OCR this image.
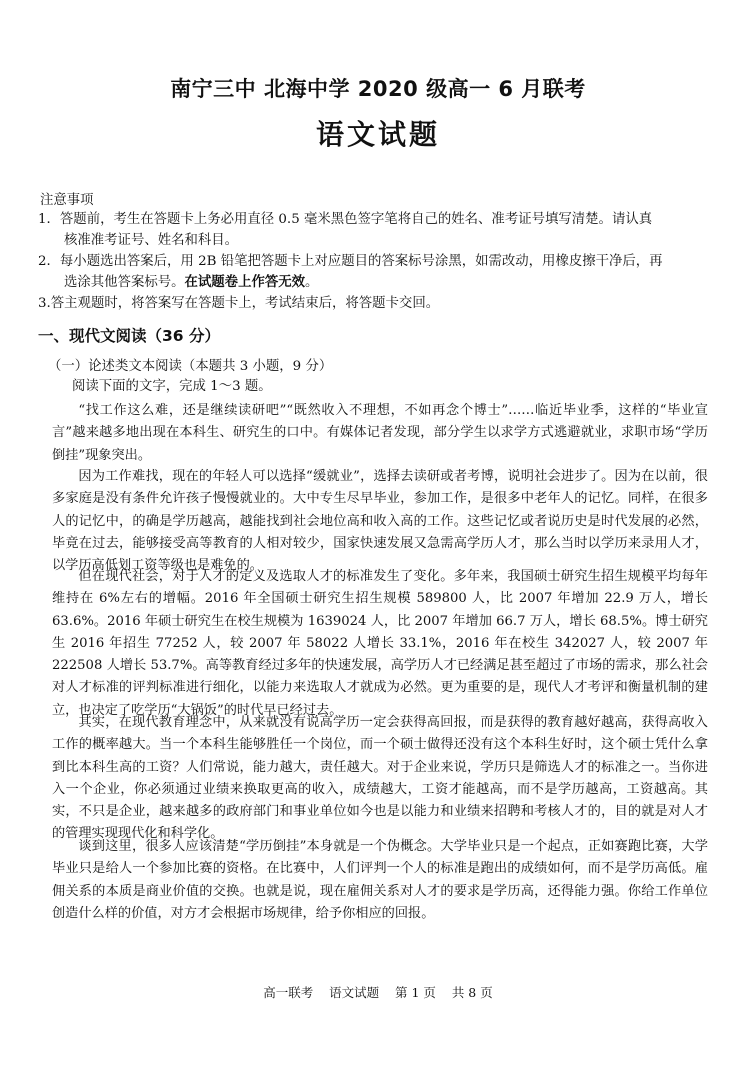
南宁三中 北海中学 2020 级高一 6 月联考
语文试题
注意事项
1．答题前，考生在答题卡上务必用直径 0.5 毫米黑色签字笔将自己的姓名、准考证号填写清楚。请认真
核准准考证号、姓名和科目。
2．每小题选出答案后，用 2B 铅笔把答题卡上对应题目的答案标号涂黑，如需改动，用橡皮擦干净后，再
选涂其他答案标号。在试题卷上作答无效。
3.答主观题时，将答案写在答题卡上，考试结束后，将答题卡交回。
一、现代文阅读（36 分）
（一）论述类文本阅读（本题共 3 小题，9 分）
阅读下面的文字，完成 1～3 题。

“找工作这么难，还是继续读研吧”“既然收入不理想，不如再念个博士”……临近毕业季，这样的“毕业宣言”越来越多地出现在本科生、研究生的口中。有媒体记者发现，部分学生以求学方式逃避就业，求职市场“学历倒挂”现象突出。

因为工作难找，现在的年轻人可以选择“缓就业”，选择去读研或者考博，说明社会进步了。因为在以前，很多家庭是没有条件允许孩子慢慢就业的。大中专生尽早毕业，参加工作，是很多中老年人的记忆。同样，在很多人的记忆中，的确是学历越高，越能找到社会地位高和收入高的工作。这些记忆或者说历史是时代发展的必然，毕竟在过去，能够接受高等教育的人相对较少，国家快速发展又急需高学历人才，那么当时以学历来录用人才，以学历高低划工资等级也是难免的。

但在现代社会，对于人才的定义及选取人才的标准发生了变化。多年来，我国硕士研究生招生规模平均每年维持在 6%左右的增幅。2016 年全国硕士研究生招生规模 589800 人，比 2007 年增加 22.9 万人，增长 63.6%。2016 年硕士研究生在校生规模为 1639024 人，比 2007 年增加 66.7 万人，增长 68.5%。博士研究生 2016 年招生 77252 人，较 2007 年 58022 人增长 33.1%，2016 年在校生 342027 人，较 2007 年 222508 人增长 53.7%。高等教育经过多年的快速发展，高学历人才已经满足甚至超过了市场的需求，那么社会对人才标准的评判标准进行细化，以能力来选取人才就成为必然。更为重要的是，现代人才考评和衡量机制的建立，也决定了吃学历“大锅饭”的时代早已经过去。

其实，在现代教育理念中，从来就没有说高学历一定会获得高回报，而是获得的教育越好越高，获得高收入工作的概率越大。当一个本科生能够胜任一个岗位，而一个硕士做得还没有这个本科生好时，这个硕士凭什么拿到比本科生高的工资？人们常说，能力越大，责任越大。对于企业来说，学历只是筛选人才的标准之一。当你进入一个企业，你必须通过业绩来换取更高的收入，成绩越大，工资才能越高，而不是学历越高，工资越高。其实，不只是企业，越来越多的政府部门和事业单位如今也是以能力和业绩来招聘和考核人才的，目的就是对人才的管理实现现代化和科学化。

谈到这里，很多人应该清楚“学历倒挂”本身就是一个伪概念。大学毕业只是一个起点，正如赛跑比赛，大学毕业只是给人一个参加比赛的资格。在比赛中，人们评判一个人的标准是跑出的成绩如何，而不是学历高低。雇佣关系的本质是商业价值的交换。也就是说，现在雇佣关系对人才的要求是学历高，还得能力强。你给工作单位创造什么样的价值，对方才会根据市场规律，给予你相应的回报。

高一联考    语文试题    第 1 页    共 8 页
